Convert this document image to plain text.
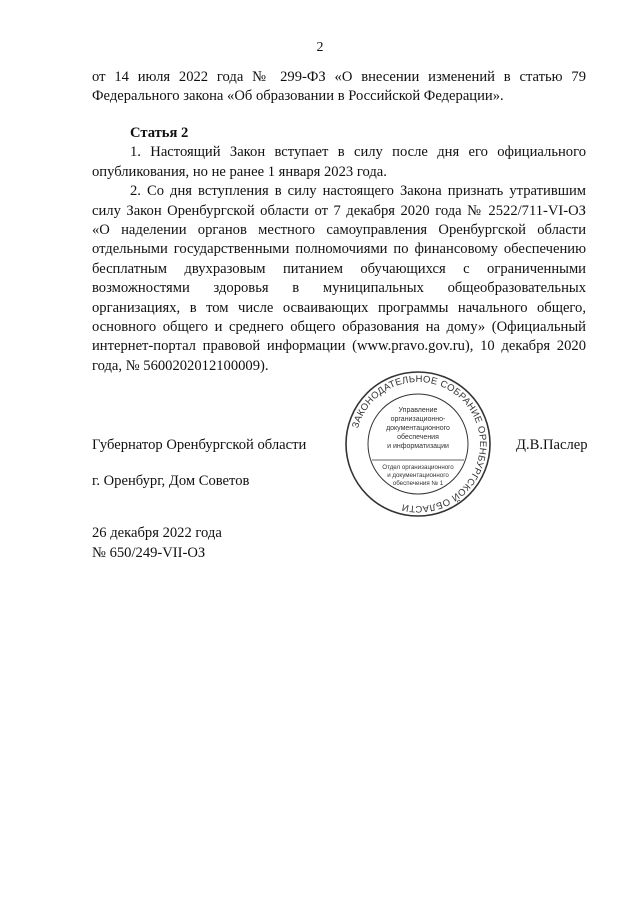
2

от 14 июля 2022 года № 299-ФЗ «О внесении изменений в статью 79 Федерального закона «Об образовании в Российской Федерации».

Статья 2

1. Настоящий Закон вступает в силу после дня его официального опубликования, но не ранее 1 января 2023 года.

2. Со дня вступления в силу настоящего Закона признать утратившим силу Закон Оренбургской области от 7 декабря 2020 года № 2522/711-VI-ОЗ «О наделении органов местного самоуправления Оренбургской области отдельными государственными полномочиями по финансовому обеспечению бесплатным двухразовым питанием обучающихся с ограниченными возможностями здоровья в муниципальных общеобразовательных организациях, в том числе осваивающих программы начального общего, основного общего и среднего общего образования на дому» (Официальный интернет-портал правовой информации (www.pravo.gov.ru), 10 декабря 2020 года, № 5600202012100009).

Губернатор Оренбургской области	Д.В.Паслер
ЗАКОНОДАТЕЛЬНОЕ СОБРАНИЕ ОРЕНБУРГСКОЙ ОБЛАСТИ
Управление
организационно-
документационного
обеспечения
и информатизации
Отдел организационного
и документационного
обеспечения № 1
г. Оренбург, Дом Советов
26 декабря 2022 года
№ 650/249-VII-ОЗ
